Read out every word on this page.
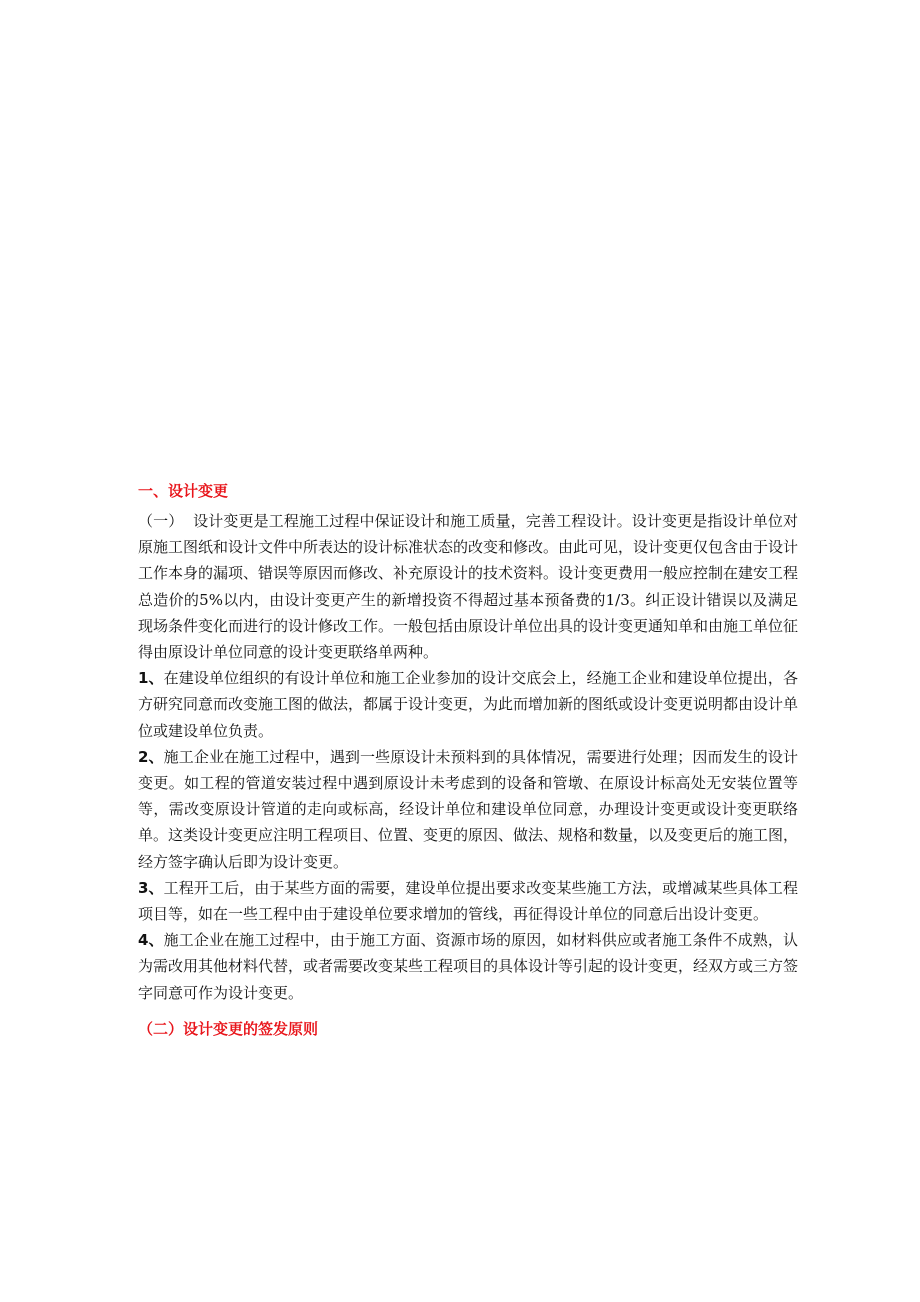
一、设计变更

（一） 设计变更是工程施工过程中保证设计和施工质量，完善工程设计。设计变更是指设计单位对原施工图纸和设计文件中所表达的设计标准状态的改变和修改。由此可见，设计变更仅包含由于设计工作本身的漏项、错误等原因而修改、补充原设计的技术资料。设计变更费用一般应控制在建安工程总造价的5%以内，由设计变更产生的新增投资不得超过基本预备费的1/3。纠正设计错误以及满足现场条件变化而进行的设计修改工作。一般包括由原设计单位出具的设计变更通知单和由施工单位征得由原设计单位同意的设计变更联络单两种。

1、在建设单位组织的有设计单位和施工企业参加的设计交底会上，经施工企业和建设单位提出，各方研究同意而改变施工图的做法，都属于设计变更，为此而增加新的图纸或设计变更说明都由设计单位或建设单位负责。

2、施工企业在施工过程中，遇到一些原设计未预料到的具体情况，需要进行处理；因而发生的设计变更。如工程的管道安装过程中遇到原设计未考虑到的设备和管墩、在原设计标高处无安装位置等等，需改变原设计管道的走向或标高，经设计单位和建设单位同意，办理设计变更或设计变更联络单。这类设计变更应注明工程项目、位置、变更的原因、做法、规格和数量，以及变更后的施工图，经方签字确认后即为设计变更。

3、工程开工后，由于某些方面的需要，建设单位提出要求改变某些施工方法，或增减某些具体工程项目等，如在一些工程中由于建设单位要求增加的管线，再征得设计单位的同意后出设计变更。

4、施工企业在施工过程中，由于施工方面、资源市场的原因，如材料供应或者施工条件不成熟，认为需改用其他材料代替，或者需要改变某些工程项目的具体设计等引起的设计变更，经双方或三方签字同意可作为设计变更。

（二）设计变更的签发原则
